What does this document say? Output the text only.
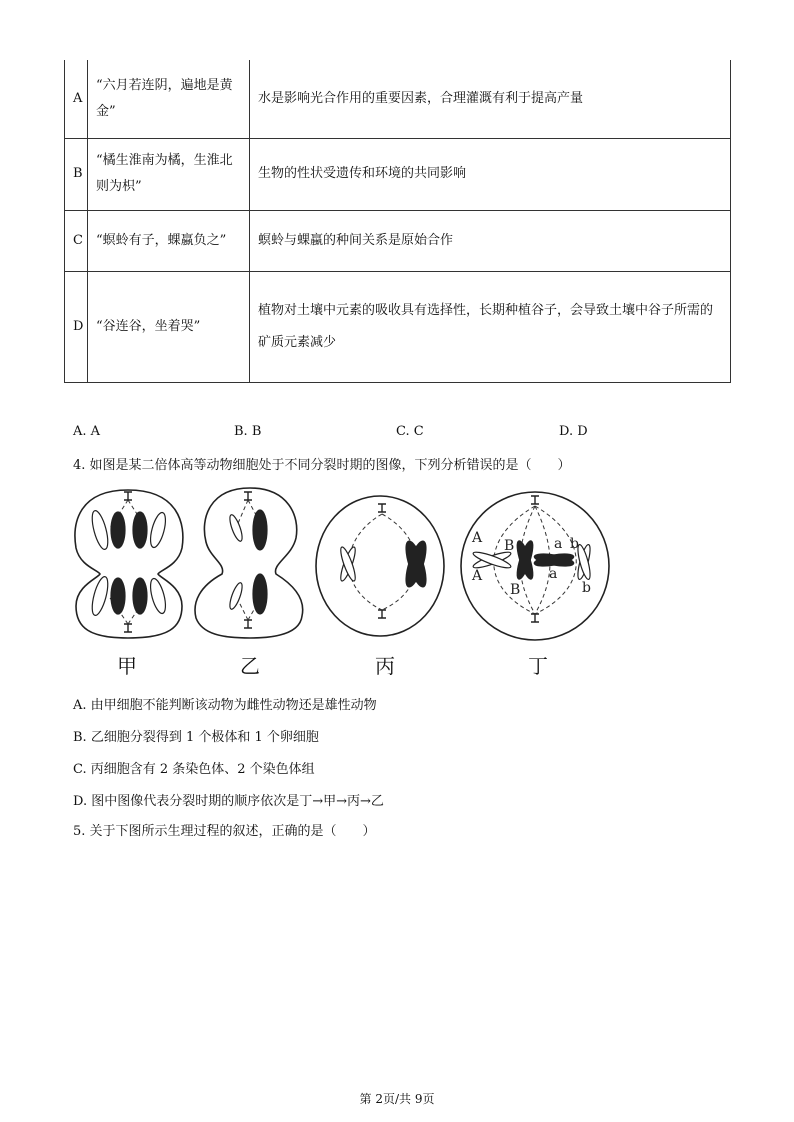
A	“六月若连阴，遍地是黄金”	水是影响光合作用的重要因素，合理灌溉有利于提高产量
B	“橘生淮南为橘，生淮北则为枳”	生物的性状受遗传和环境的共同影响
C	“螟蛉有子，蜾蠃负之”	螟蛉与蜾蠃的种间关系是原始合作
D	“谷连谷，坐着哭”	植物对土壤中元素的吸收具有选择性，长期种植谷子，会导致土壤中谷子所需的矿质元素减少
A. A	B. B	C. C	D. D
4. 如图是某二倍体高等动物细胞处于不同分裂时期的图像，下列分析错误的是（　　）
A
A
B
B
a
a
b
b
甲	乙	丙	丁
A. 由甲细胞不能判断该动物为雌性动物还是雄性动物
B. 乙细胞分裂得到 1 个极体和 1 个卵细胞
C. 丙细胞含有 2 条染色体、2 个染色体组
D. 图中图像代表分裂时期的顺序依次是丁→甲→丙→乙
5. 关于下图所示生理过程的叙述，正确的是（　　）
第 2页/共 9页
